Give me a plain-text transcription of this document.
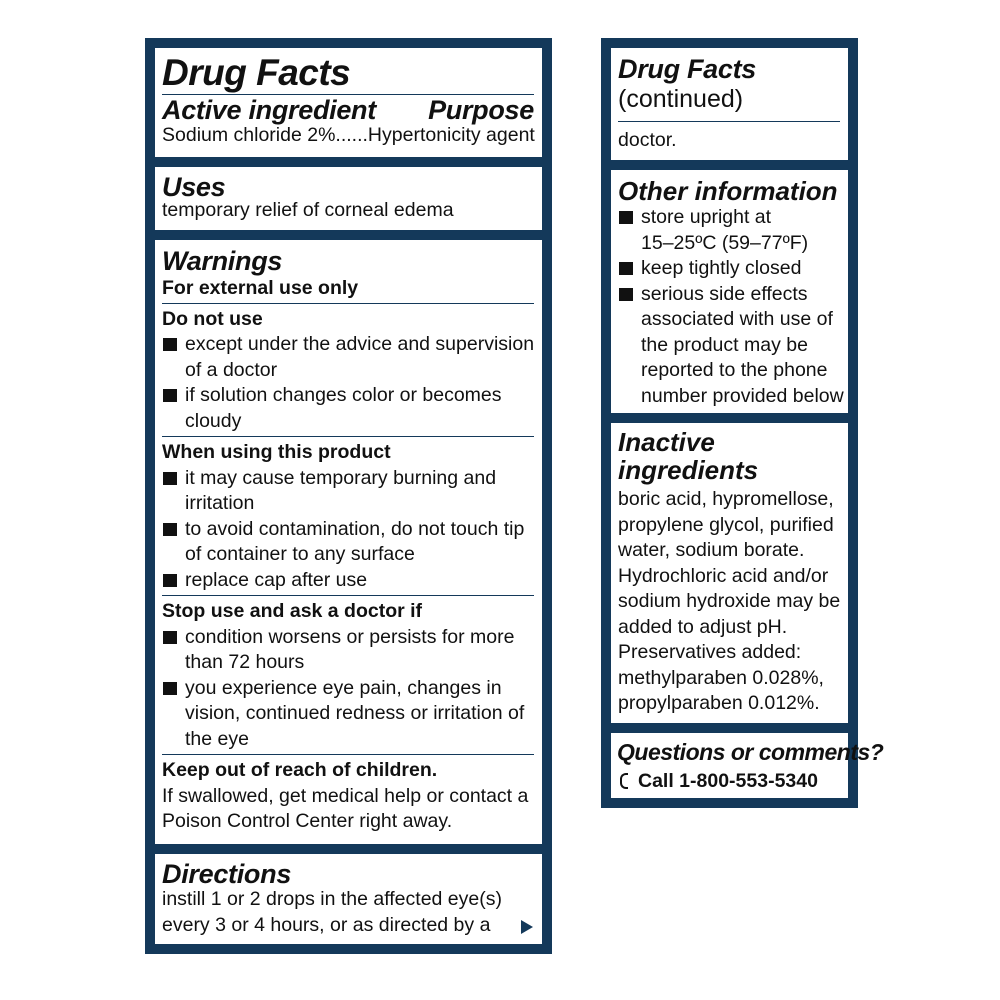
Drug Facts
Active ingredient Purpose
Sodium chloride 2%......Hypertonicity agent
Uses
temporary relief of corneal edema
Warnings
For external use only
Do not use
except under the advice and supervision
of a doctor
if solution changes color or becomes
cloudy
When using this product
it may cause temporary burning and
irritation
to avoid contamination, do not touch tip
of container to any surface
replace cap after use
Stop use and ask a doctor if
condition worsens or persists for more
than 72 hours
you experience eye pain, changes in
vision, continued redness or irritation of
the eye
Keep out of reach of children.
If swallowed, get medical help or contact a
Poison Control Center right away.
Directions
instill 1 or 2 drops in the affected eye(s)
every 3 or 4 hours, or as directed by a
Drug Facts
(continued)
doctor.
Other information
store upright at
15–25ºC (59–77ºF)
keep tightly closed
serious side effects
associated with use of
the product may be
reported to the phone
number provided below
Inactive
ingredients
boric acid, hypromellose,
propylene glycol, purified
water, sodium borate.
Hydrochloric acid and/or
sodium hydroxide may be
added to adjust pH.
Preservatives added:
methylparaben 0.028%,
propylparaben 0.012%.
Questions or comments?
Call 1-800-553-5340
